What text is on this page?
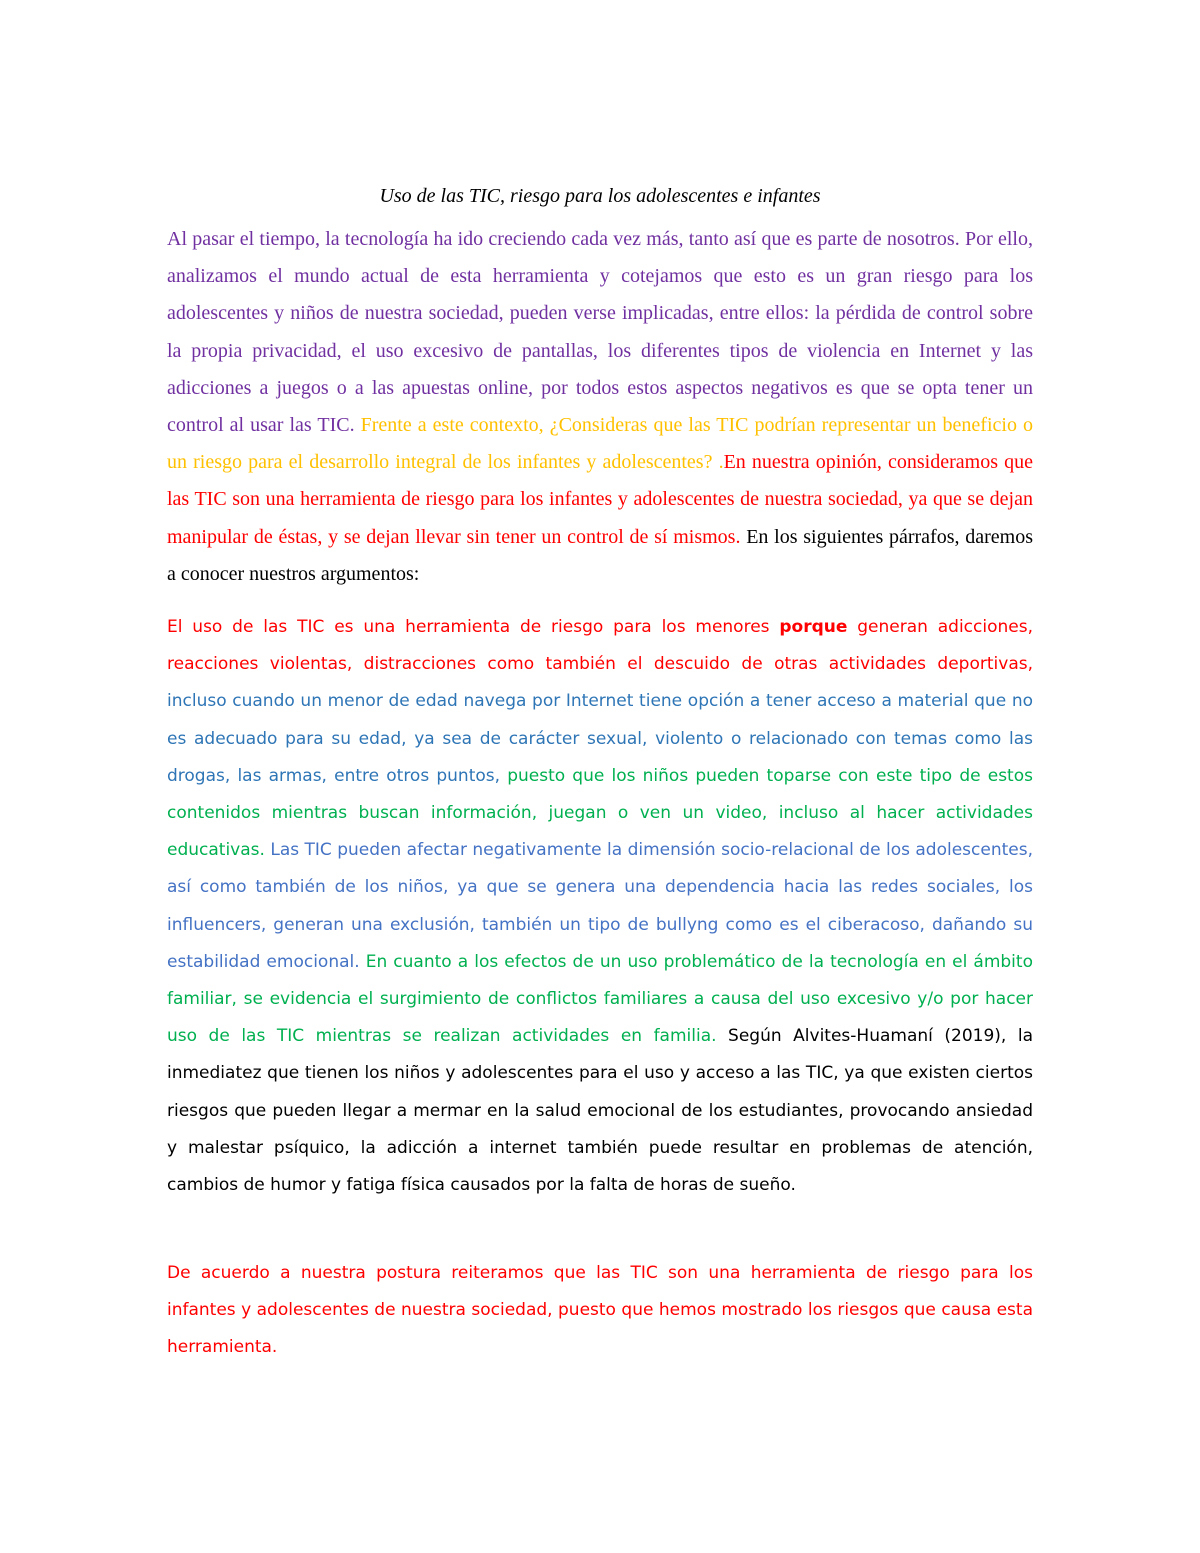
Uso de las TIC, riesgo para los adolescentes e infantes

Al pasar el tiempo, la tecnología ha ido creciendo cada vez más, tanto así que es parte de nosotros. Por ello, analizamos el mundo actual de esta herramienta y cotejamos que esto es un gran riesgo para los adolescentes y niños de nuestra sociedad, pueden verse implicadas, entre ellos: la pérdida de control sobre la propia privacidad, el uso excesivo de pantallas, los diferentes tipos de violencia en Internet y las adicciones a juegos o a las apuestas online, por todos estos aspectos negativos es que se opta tener un control al usar las TIC. Frente a este contexto, ¿Consideras que las TIC podrían representar un beneficio o un riesgo para el desarrollo integral de los infantes y adolescentes? .En nuestra opinión, consideramos que las TIC son una herramienta de riesgo para los infantes y adolescentes de nuestra sociedad, ya que se dejan manipular de éstas, y se dejan llevar sin tener un control de sí mismos. En los siguientes párrafos, daremos a conocer nuestros argumentos:

El uso de las TIC es una herramienta de riesgo para los menores porque generan adicciones, reacciones violentas, distracciones como también el descuido de otras actividades deportivas, incluso cuando un menor de edad navega por Internet tiene opción a tener acceso a material que no es adecuado para su edad, ya sea de carácter sexual, violento o relacionado con temas como las drogas, las armas, entre otros puntos, puesto que los niños pueden toparse con este tipo de estos contenidos mientras buscan información, juegan o ven un video, incluso al hacer actividades educativas. Las TIC pueden afectar negativamente la dimensión socio-relacional de los adolescentes, así como también de los niños, ya que se genera una dependencia hacia las redes sociales, los influencers, generan una exclusión, también un tipo de bullyng como es el ciberacoso, dañando su estabilidad emocional. En cuanto a los efectos de un uso problemático de la tecnología en el ámbito familiar, se evidencia el surgimiento de conflictos familiares a causa del uso excesivo y/o por hacer uso de las TIC mientras se realizan actividades en familia. Según Alvites-Huamaní (2019), la inmediatez que tienen los niños y adolescentes para el uso y acceso a las TIC, ya que existen ciertos riesgos que pueden llegar a mermar en la salud emocional de los estudiantes, provocando ansiedad y malestar psíquico, la adicción a internet también puede resultar en problemas de atención, cambios de humor y fatiga física causados por la falta de horas de sueño.

De acuerdo a nuestra postura reiteramos que las TIC son una herramienta de riesgo para los infantes y adolescentes de nuestra sociedad, puesto que hemos mostrado los riesgos que causa esta herramienta.
